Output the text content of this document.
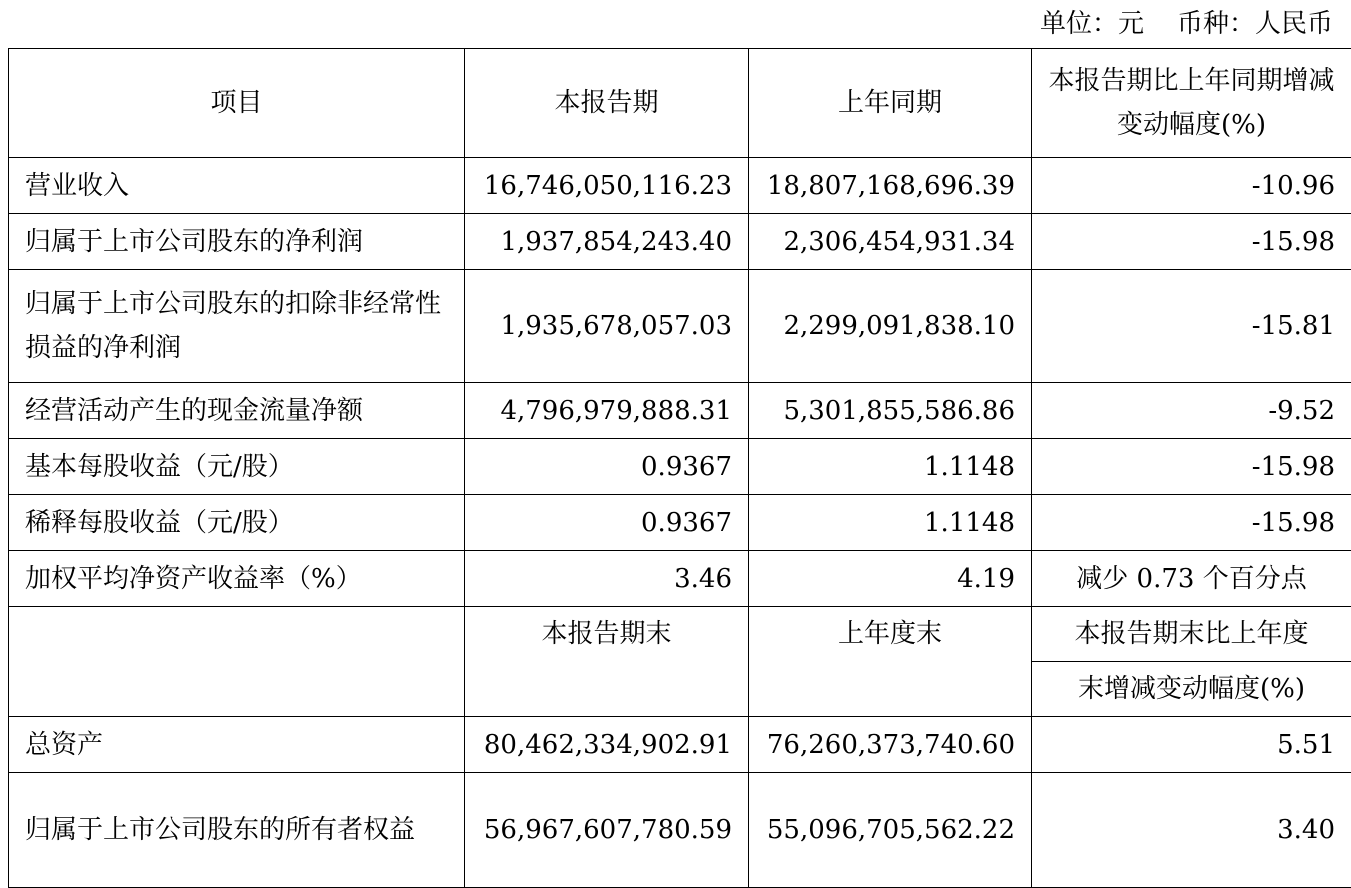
单位：元    币种：人民币
项目	本报告期	上年同期	本报告期比上年同期增减变动幅度(%)
营业收入	16,746,050,116.23	18,807,168,696.39	-10.96
归属于上市公司股东的净利润	1,937,854,243.40	2,306,454,931.34	-15.98
归属于上市公司股东的扣除非经常性损益的净利润	1,935,678,057.03	2,299,091,838.10	-15.81
经营活动产生的现金流量净额	4,796,979,888.31	5,301,855,586.86	-9.52
基本每股收益（元/股）	0.9367	1.1148	-15.98
稀释每股收益（元/股）	0.9367	1.1148	-15.98
加权平均净资产收益率（%）	3.46	4.19	减少 0.73 个百分点
	本报告期末	上年度末	本报告期末比上年度
			末增减变动幅度(%)
总资产	80,462,334,902.91	76,260,373,740.60	5.51
归属于上市公司股东的所有者权益	56,967,607,780.59	55,096,705,562.22	3.40
